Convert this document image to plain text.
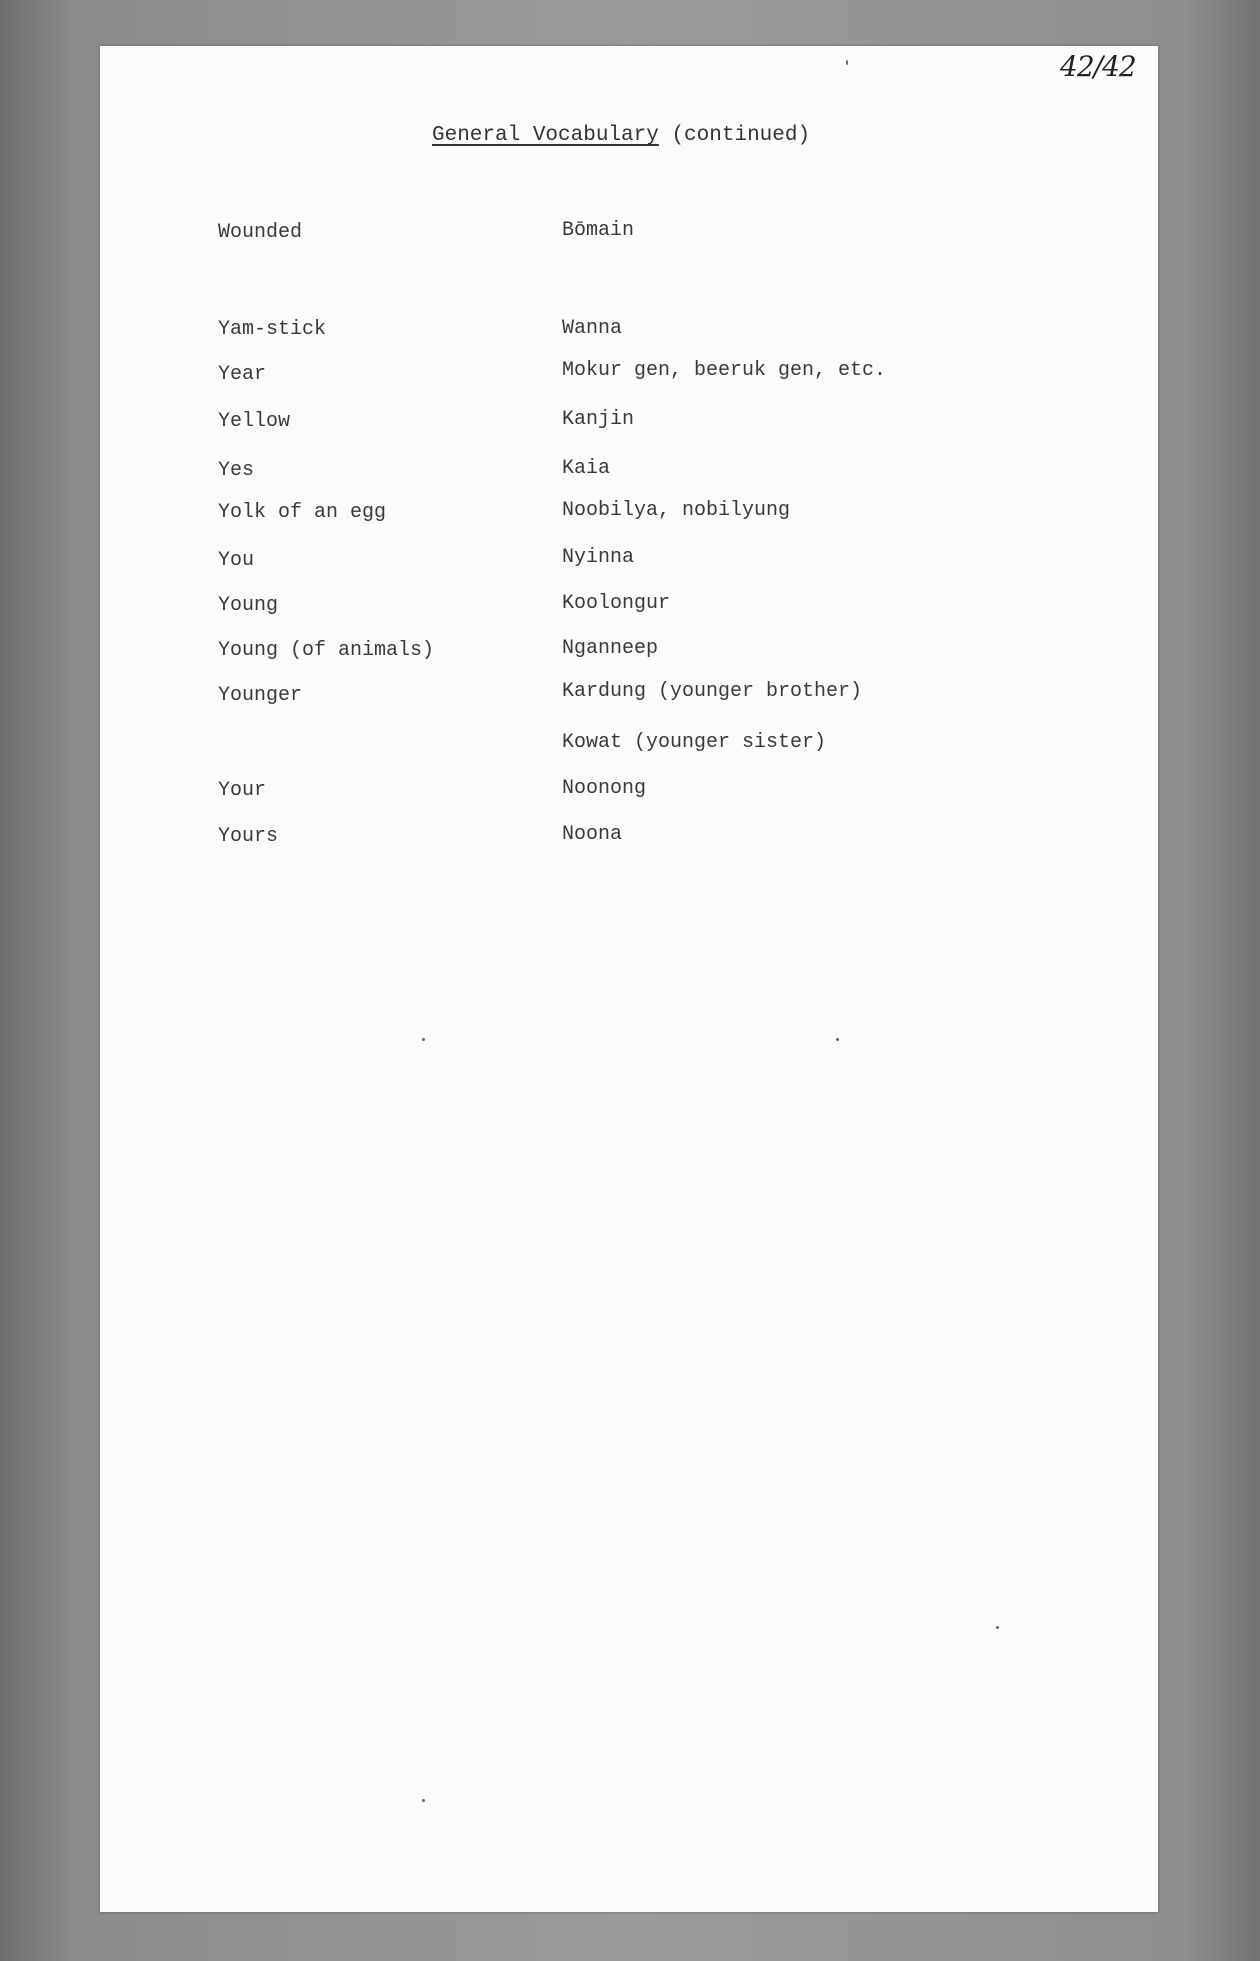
42/42
General Vocabulary (continued)
Wounded	Bōmain
Yam-stick	Wanna
Year	Mokur gen, beeruk gen, etc.
Yellow	Kanjin
Yes	Kaia
Yolk of an egg	Noobilya, nobilyung
You	Nyinna
Young	Koolongur
Young (of animals)	Nganneep
Younger	Kardung (younger brother)
Kowat (younger sister)
Your	Noonong
Yours	Noona
